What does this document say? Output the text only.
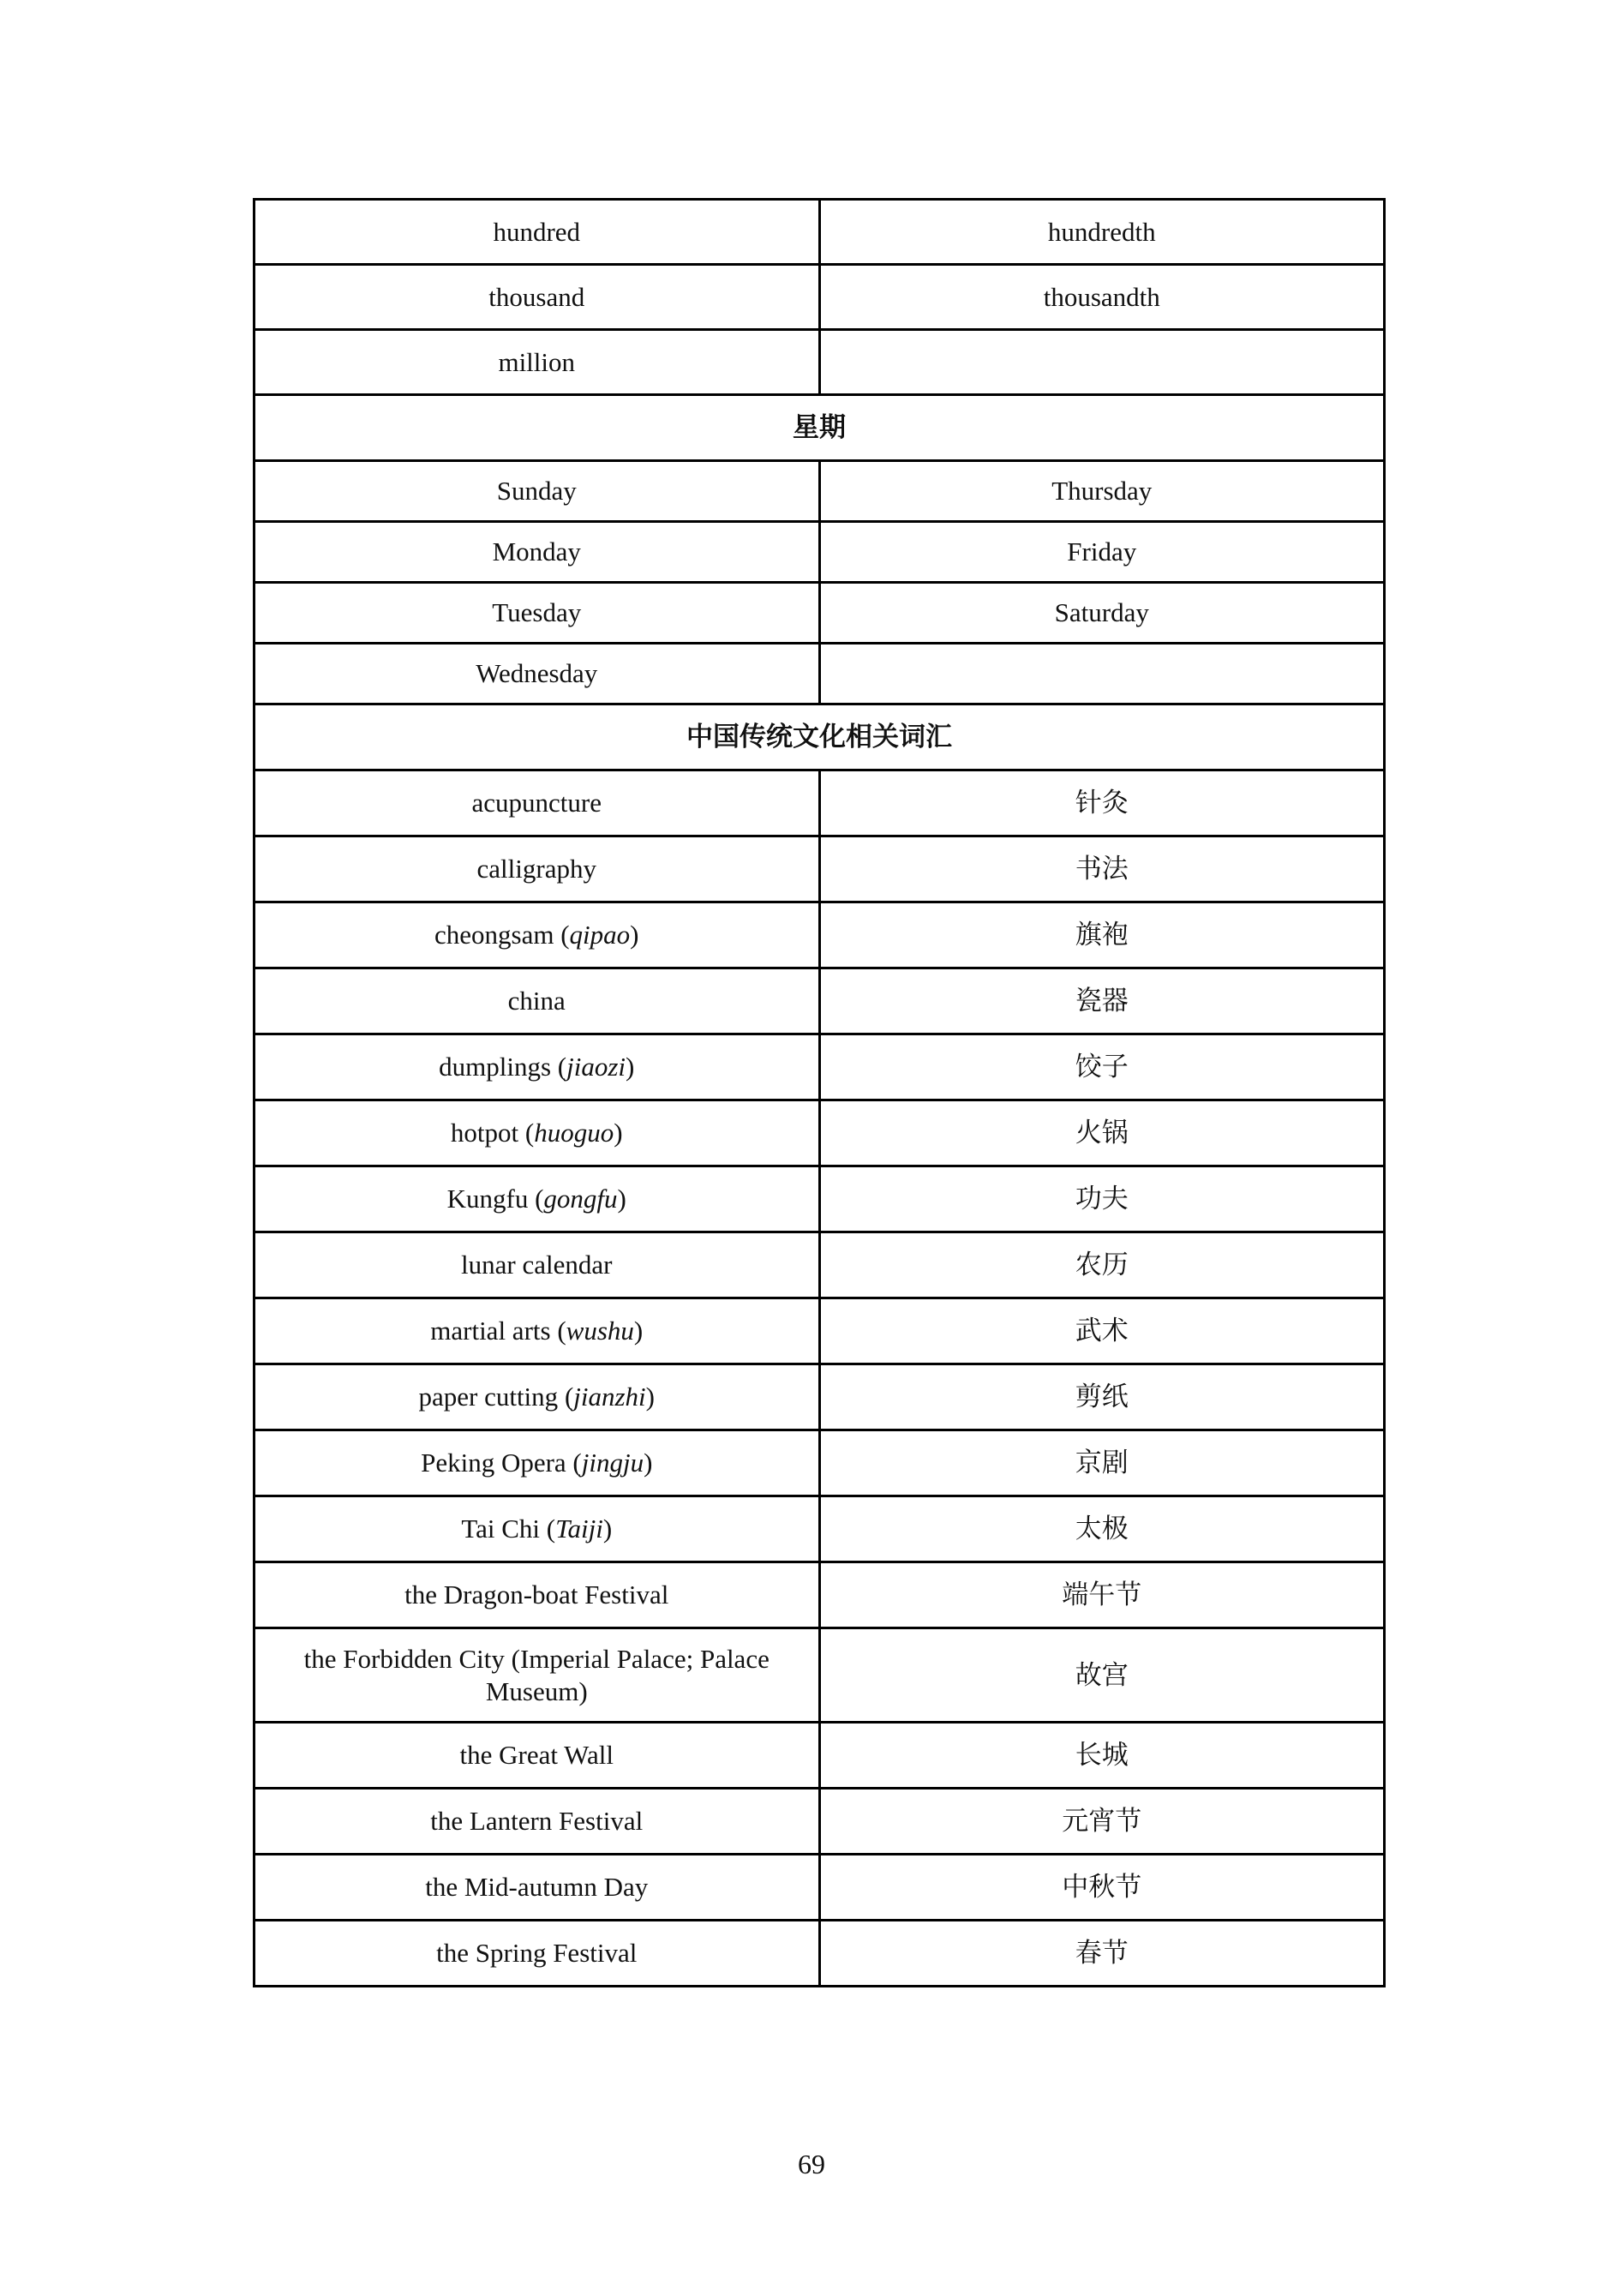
hundred	hundredth
thousand	thousandth
million	
星期	
Sunday	Thursday
Monday	Friday
Tuesday	Saturday
Wednesday	
中国传统文化相关词汇	
acupuncture	针灸
calligraphy	书法
cheongsam (qipao)	旗袍
china	瓷器
dumplings (jiaozi)	饺子
hotpot (huoguo)	火锅
Kungfu (gongfu)	功夫
lunar calendar	农历
martial arts (wushu)	武术
paper cutting (jianzhi)	剪纸
Peking Opera (jingju)	京剧
Tai Chi (Taiji)	太极
the Dragon-boat Festival	端午节
the Forbidden City (Imperial Palace; Palace Museum)	故宫
the Great Wall	长城
the Lantern Festival	元宵节
the Mid-autumn Day	中秋节
the Spring Festival	春节
69
